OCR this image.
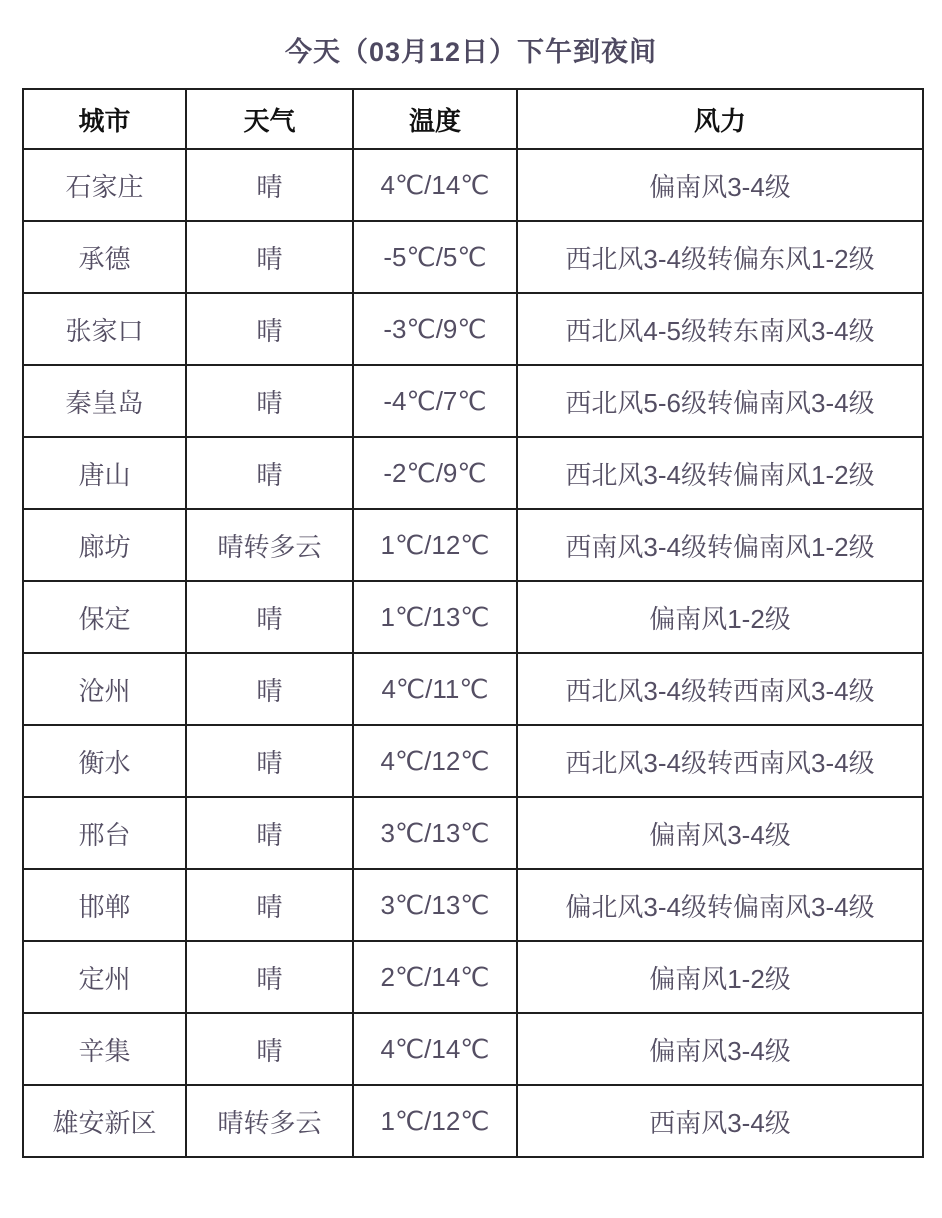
今天（03月12日）下午到夜间
城市	天气	温度	风力
石家庄	晴	4℃/14℃	偏南风3-4级
承德	晴	-5℃/5℃	西北风3-4级转偏东风1-2级
张家口	晴	-3℃/9℃	西北风4-5级转东南风3-4级
秦皇岛	晴	-4℃/7℃	西北风5-6级转偏南风3-4级
唐山	晴	-2℃/9℃	西北风3-4级转偏南风1-2级
廊坊	晴转多云	1℃/12℃	西南风3-4级转偏南风1-2级
保定	晴	1℃/13℃	偏南风1-2级
沧州	晴	4℃/11℃	西北风3-4级转西南风3-4级
衡水	晴	4℃/12℃	西北风3-4级转西南风3-4级
邢台	晴	3℃/13℃	偏南风3-4级
邯郸	晴	3℃/13℃	偏北风3-4级转偏南风3-4级
定州	晴	2℃/14℃	偏南风1-2级
辛集	晴	4℃/14℃	偏南风3-4级
雄安新区	晴转多云	1℃/12℃	西南风3-4级
